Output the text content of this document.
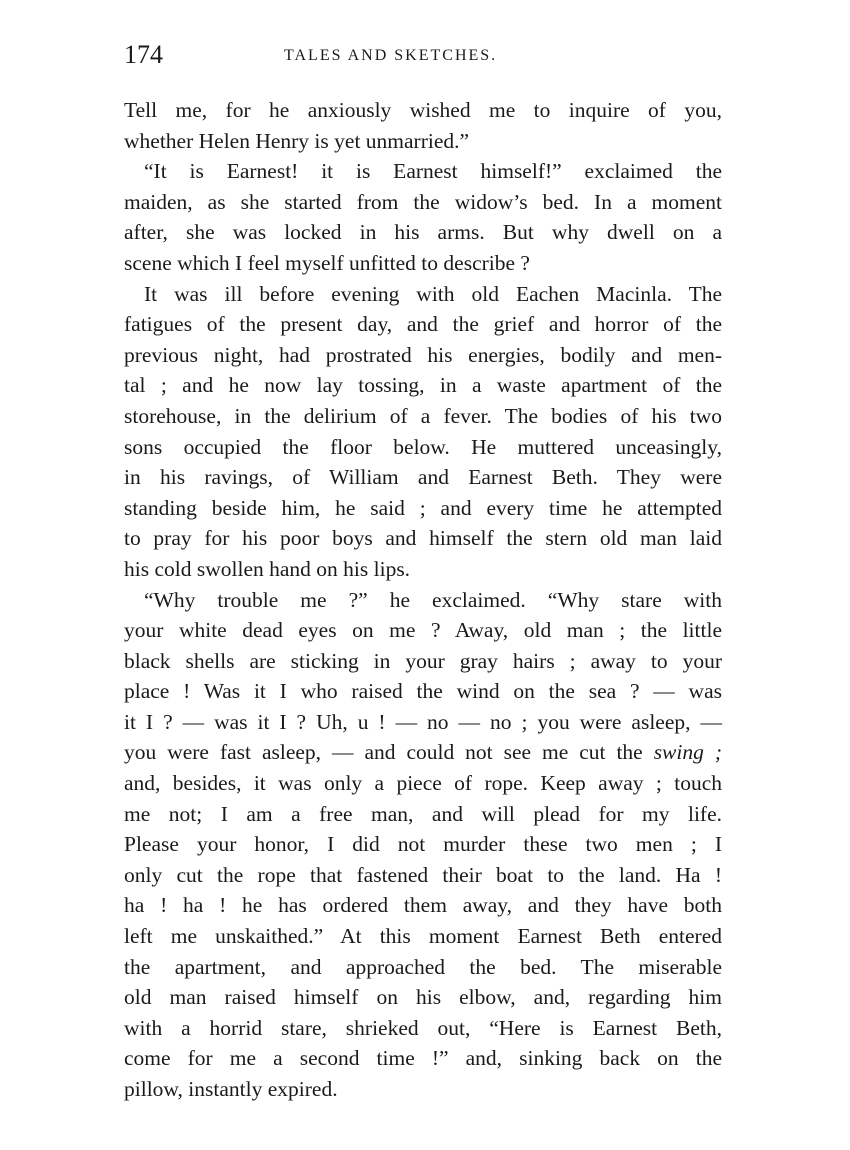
174	TALES AND SKETCHES.
Tell me, for he anxiously wished me to inquire of you,
whether Helen Henry is yet unmarried.”
“It is Earnest! it is Earnest himself!” exclaimed the
maiden, as she started from the widow’s bed. In a moment
after, she was locked in his arms. But why dwell on a
scene which I feel myself unfitted to describe ?
It was ill before evening with old Eachen Macinla. The
fatigues of the present day, and the grief and horror of the
previous night, had prostrated his energies, bodily and men-
tal ; and he now lay tossing, in a waste apartment of the
storehouse, in the delirium of a fever. The bodies of his two
sons occupied the floor below. He muttered unceasingly,
in his ravings, of William and Earnest Beth. They were
standing beside him, he said ; and every time he attempted
to pray for his poor boys and himself the stern old man laid
his cold swollen hand on his lips.
“Why trouble me ?” he exclaimed. “Why stare with
your white dead eyes on me ? Away, old man ; the little
black shells are sticking in your gray hairs ; away to your
place ! Was it I who raised the wind on the sea ? — was
it I ? — was it I ? Uh, u ! — no — no ; you were asleep, —
you were fast asleep, — and could not see me cut the swing ;
and, besides, it was only a piece of rope. Keep away ; touch
me not; I am a free man, and will plead for my life.
Please your honor, I did not murder these two men ; I
only cut the rope that fastened their boat to the land. Ha !
ha ! ha ! he has ordered them away, and they have both
left me unskaithed.” At this moment Earnest Beth entered
the apartment, and approached the bed. The miserable
old man raised himself on his elbow, and, regarding him
with a horrid stare, shrieked out, “Here is Earnest Beth,
come for me a second time !” and, sinking back on the
pillow, instantly expired.
